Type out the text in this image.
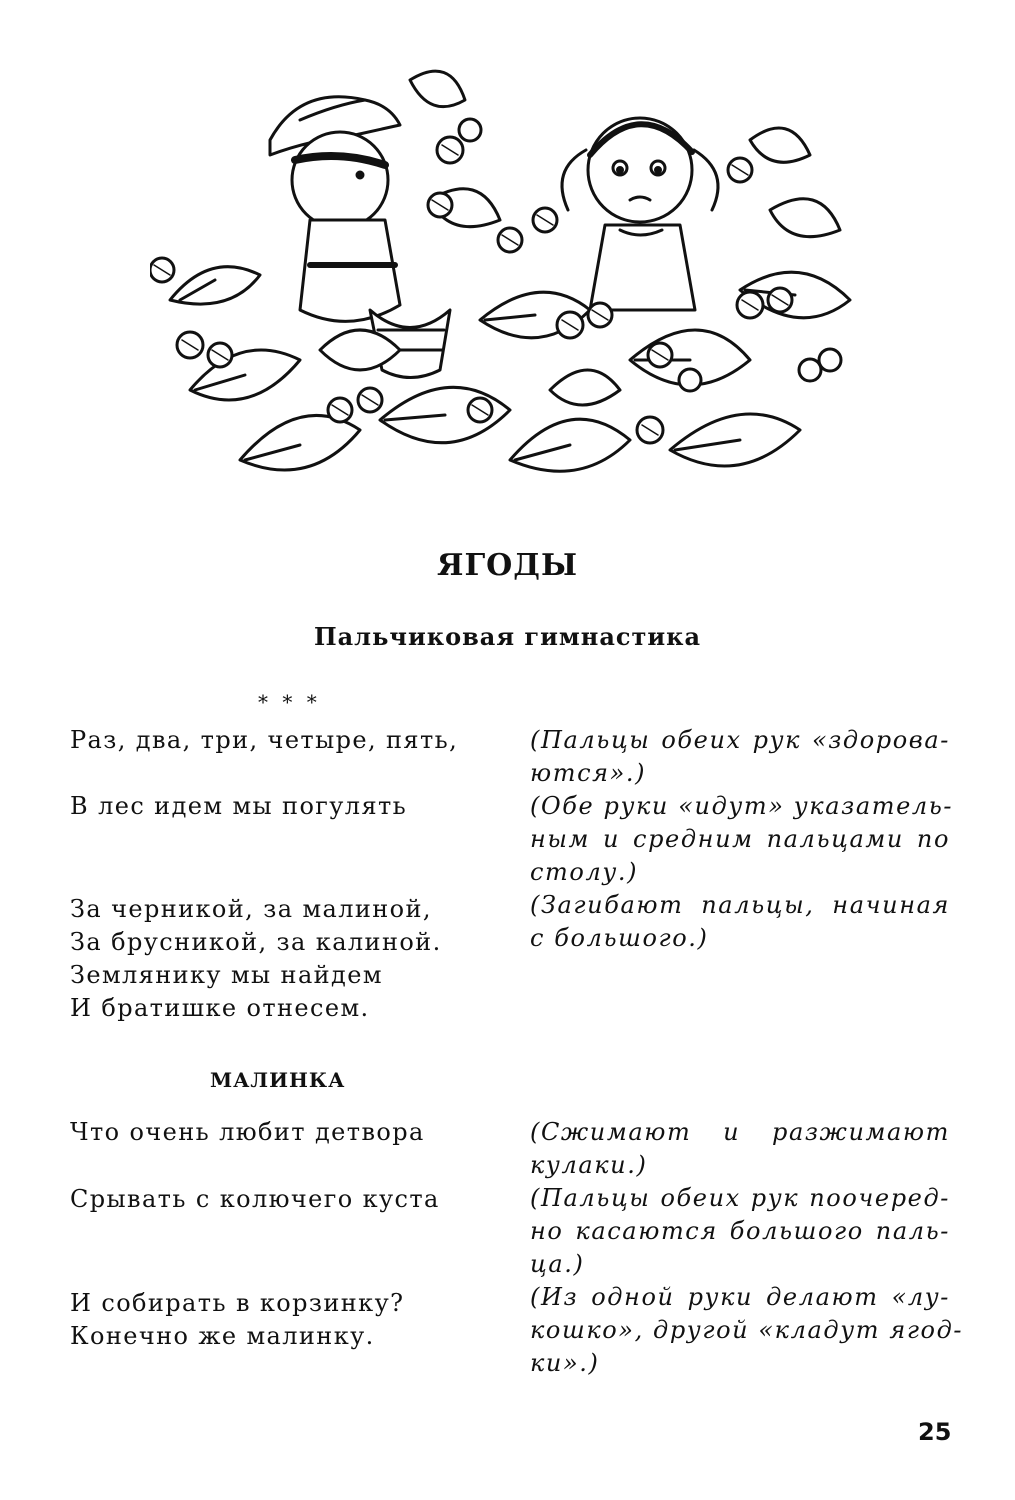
ЯГОДЫ
Пальчиковая гимнастика
* * *
Раз, два, три, четыре, пять,
В лес идем мы погулять
За черникой, за малиной,
За брусникой, за калиной.
Землянику мы найдем
И братишке отнесем.
(Пальцы обеих рук «здорова-
ются».)
(Обе руки «идут» указатель-
ным и средним пальцами по
столу.)
(Загибают пальцы, начиная
с большого.)
МАЛИНКА
Что очень любит детвора
Срывать с колючего куста
И собирать в корзинку?
Конечно же малинку.
(Сжимают и разжимают
кулаки.)
(Пальцы обеих рук поочеред-
но касаются большого паль-
ца.)
(Из одной руки делают «лу-
кошко», другой «кладут ягод-
ки».)
25
